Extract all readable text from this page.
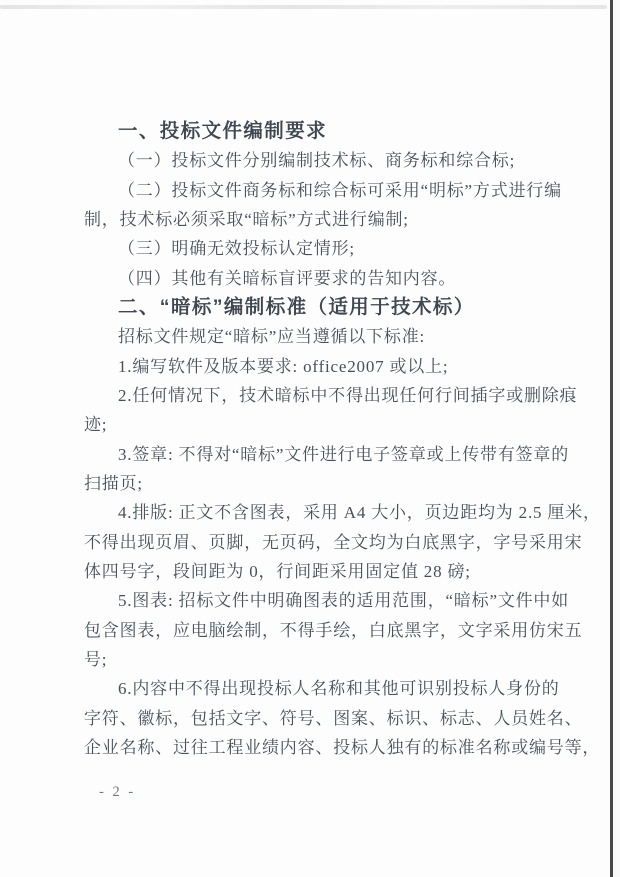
一、投标文件编制要求
（一）投标文件分别编制技术标、商务标和综合标;
（二）投标文件商务标和综合标可采用“明标”方式进行编
制，技术标必须采取“暗标”方式进行编制;
（三）明确无效投标认定情形;
（四）其他有关暗标盲评要求的告知内容。
二、“暗标”编制标准（适用于技术标）
招标文件规定“暗标”应当遵循以下标准:
1.编写软件及版本要求: office2007 或以上;
2.任何情况下，技术暗标中不得出现任何行间插字或删除痕
迹;
3.签章: 不得对“暗标”文件进行电子签章或上传带有签章的
扫描页;
4.排版: 正文不含图表，采用 A4 大小，页边距均为 2.5 厘米，
不得出现页眉、页脚，无页码，全文均为白底黑字，字号采用宋
体四号字，段间距为 0，行间距采用固定值 28 磅;
5.图表: 招标文件中明确图表的适用范围，“暗标”文件中如
包含图表，应电脑绘制，不得手绘，白底黑字，文字采用仿宋五
号;
6.内容中不得出现投标人名称和其他可识别投标人身份的
字符、徽标，包括文字、符号、图案、标识、标志、人员姓名、
企业名称、过往工程业绩内容、投标人独有的标准名称或编号等，
- 2 -
